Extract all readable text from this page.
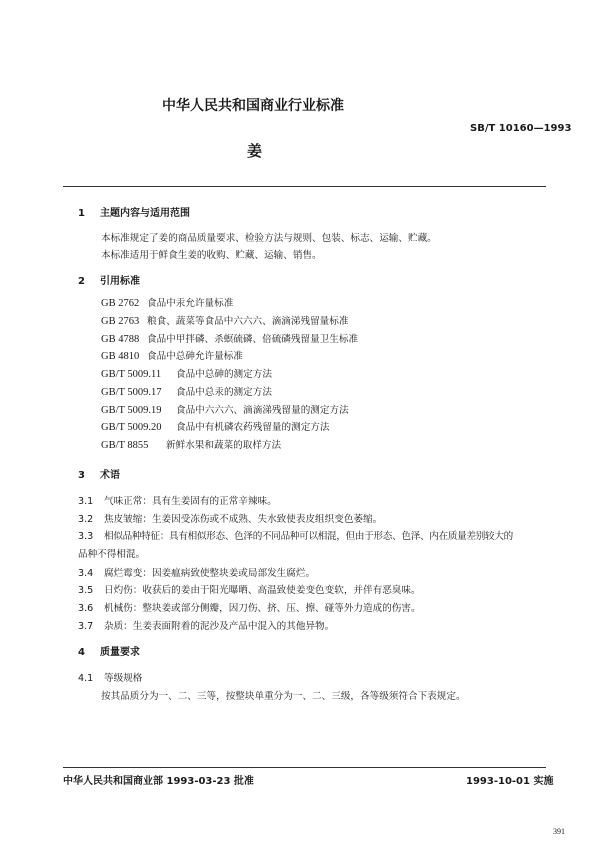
中华人民共和国商业行业标准
SB/T 10160—1993
姜
1 主题内容与适用范围
本标准规定了姜的商品质量要求、检验方法与规则、包装、标志、运输、贮藏。
本标准适用于鲜食生姜的收购、贮藏、运输、销售。
2 引用标准
GB 2762 食品中汞允许量标准
GB 2763 粮食、蔬菜等食品中六六六、滴滴涕残留量标准
GB 4788 食品中甲拌磷、杀螟硫磷、倍硫磷残留量卫生标准
GB 4810 食品中总砷允许量标准
GB/T 5009.11 食品中总砷的测定方法
GB/T 5009.17 食品中总汞的测定方法
GB/T 5009.19 食品中六六六、滴滴涕残留量的测定方法
GB/T 5009.20 食品中有机磷农药残留量的测定方法
GB/T 8855 新鲜水果和蔬菜的取样方法
3 术语
3.1 气味正常：具有生姜固有的正常辛辣味。
3.2 焦皮皱缩：生姜因受冻伤或不成熟、失水致使表皮组织变色萎缩。
3.3 相似品种特征：具有相似形态、色泽的不同品种可以相混，但由于形态、色泽、内在质量差别较大的
品种不得相混。
3.4 腐烂霉变：因姜瘟病致使整块姜或局部发生腐烂。
3.5 日灼伤：收获后的姜由于阳光曝晒、高温致使姜变色变软，并伴有恶臭味。
3.6 机械伤：整块姜或部分侧瓣，因刀伤、挤、压、擦、碰等外力造成的伤害。
3.7 杂质：生姜表面附着的泥沙及产品中混入的其他异物。
4 质量要求
4.1 等级规格
按其品质分为一、二、三等，按整块单重分为一、二、三级，各等级须符合下表规定。
中华人民共和国商业部 1993-03-23 批准	1993-10-01 实施
391
